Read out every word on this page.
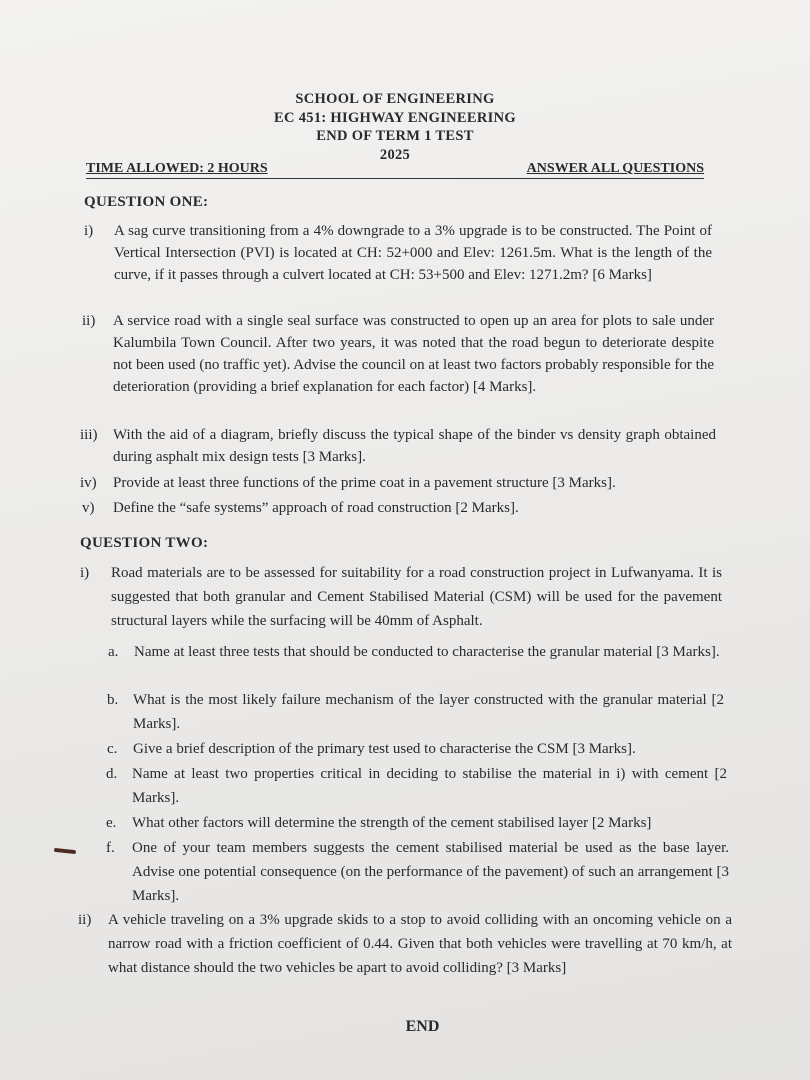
SCHOOL OF ENGINEERING
EC 451: HIGHWAY ENGINEERING
END OF TERM 1 TEST
2025
TIME ALLOWED: 2 HOURS	ANSWER ALL QUESTIONS
QUESTION ONE:
i) A sag curve transitioning from a 4% downgrade to a 3% upgrade is to be constructed. The Point of Vertical Intersection (PVI) is located at CH: 52+000 and Elev: 1261.5m. What is the length of the curve, if it passes through a culvert located at CH: 53+500 and Elev: 1271.2m? [6 Marks]
ii) A service road with a single seal surface was constructed to open up an area for plots to sale under Kalumbila Town Council. After two years, it was noted that the road begun to deteriorate despite not been used (no traffic yet). Advise the council on at least two factors probably responsible for the deterioration (providing a brief explanation for each factor) [4 Marks].
iii) With the aid of a diagram, briefly discuss the typical shape of the binder vs density graph obtained during asphalt mix design tests [3 Marks].
iv) Provide at least three functions of the prime coat in a pavement structure [3 Marks].
v) Define the “safe systems” approach of road construction [2 Marks].
QUESTION TWO:
i) Road materials are to be assessed for suitability for a road construction project in Lufwanyama. It is suggested that both granular and Cement Stabilised Material (CSM) will be used for the pavement structural layers while the surfacing will be 40mm of Asphalt.
a. Name at least three tests that should be conducted to characterise the granular material [3 Marks].
b. What is the most likely failure mechanism of the layer constructed with the granular material [2 Marks].
c. Give a brief description of the primary test used to characterise the CSM [3 Marks].
d. Name at least two properties critical in deciding to stabilise the material in i) with cement [2 Marks].
e. What other factors will determine the strength of the cement stabilised layer [2 Marks]
f. One of your team members suggests the cement stabilised material be used as the base layer. Advise one potential consequence (on the performance of the pavement) of such an arrangement [3 Marks].
ii) A vehicle traveling on a 3% upgrade skids to a stop to avoid colliding with an oncoming vehicle on a narrow road with a friction coefficient of 0.44. Given that both vehicles were travelling at 70 km/h, at what distance should the two vehicles be apart to avoid colliding? [3 Marks]
END
